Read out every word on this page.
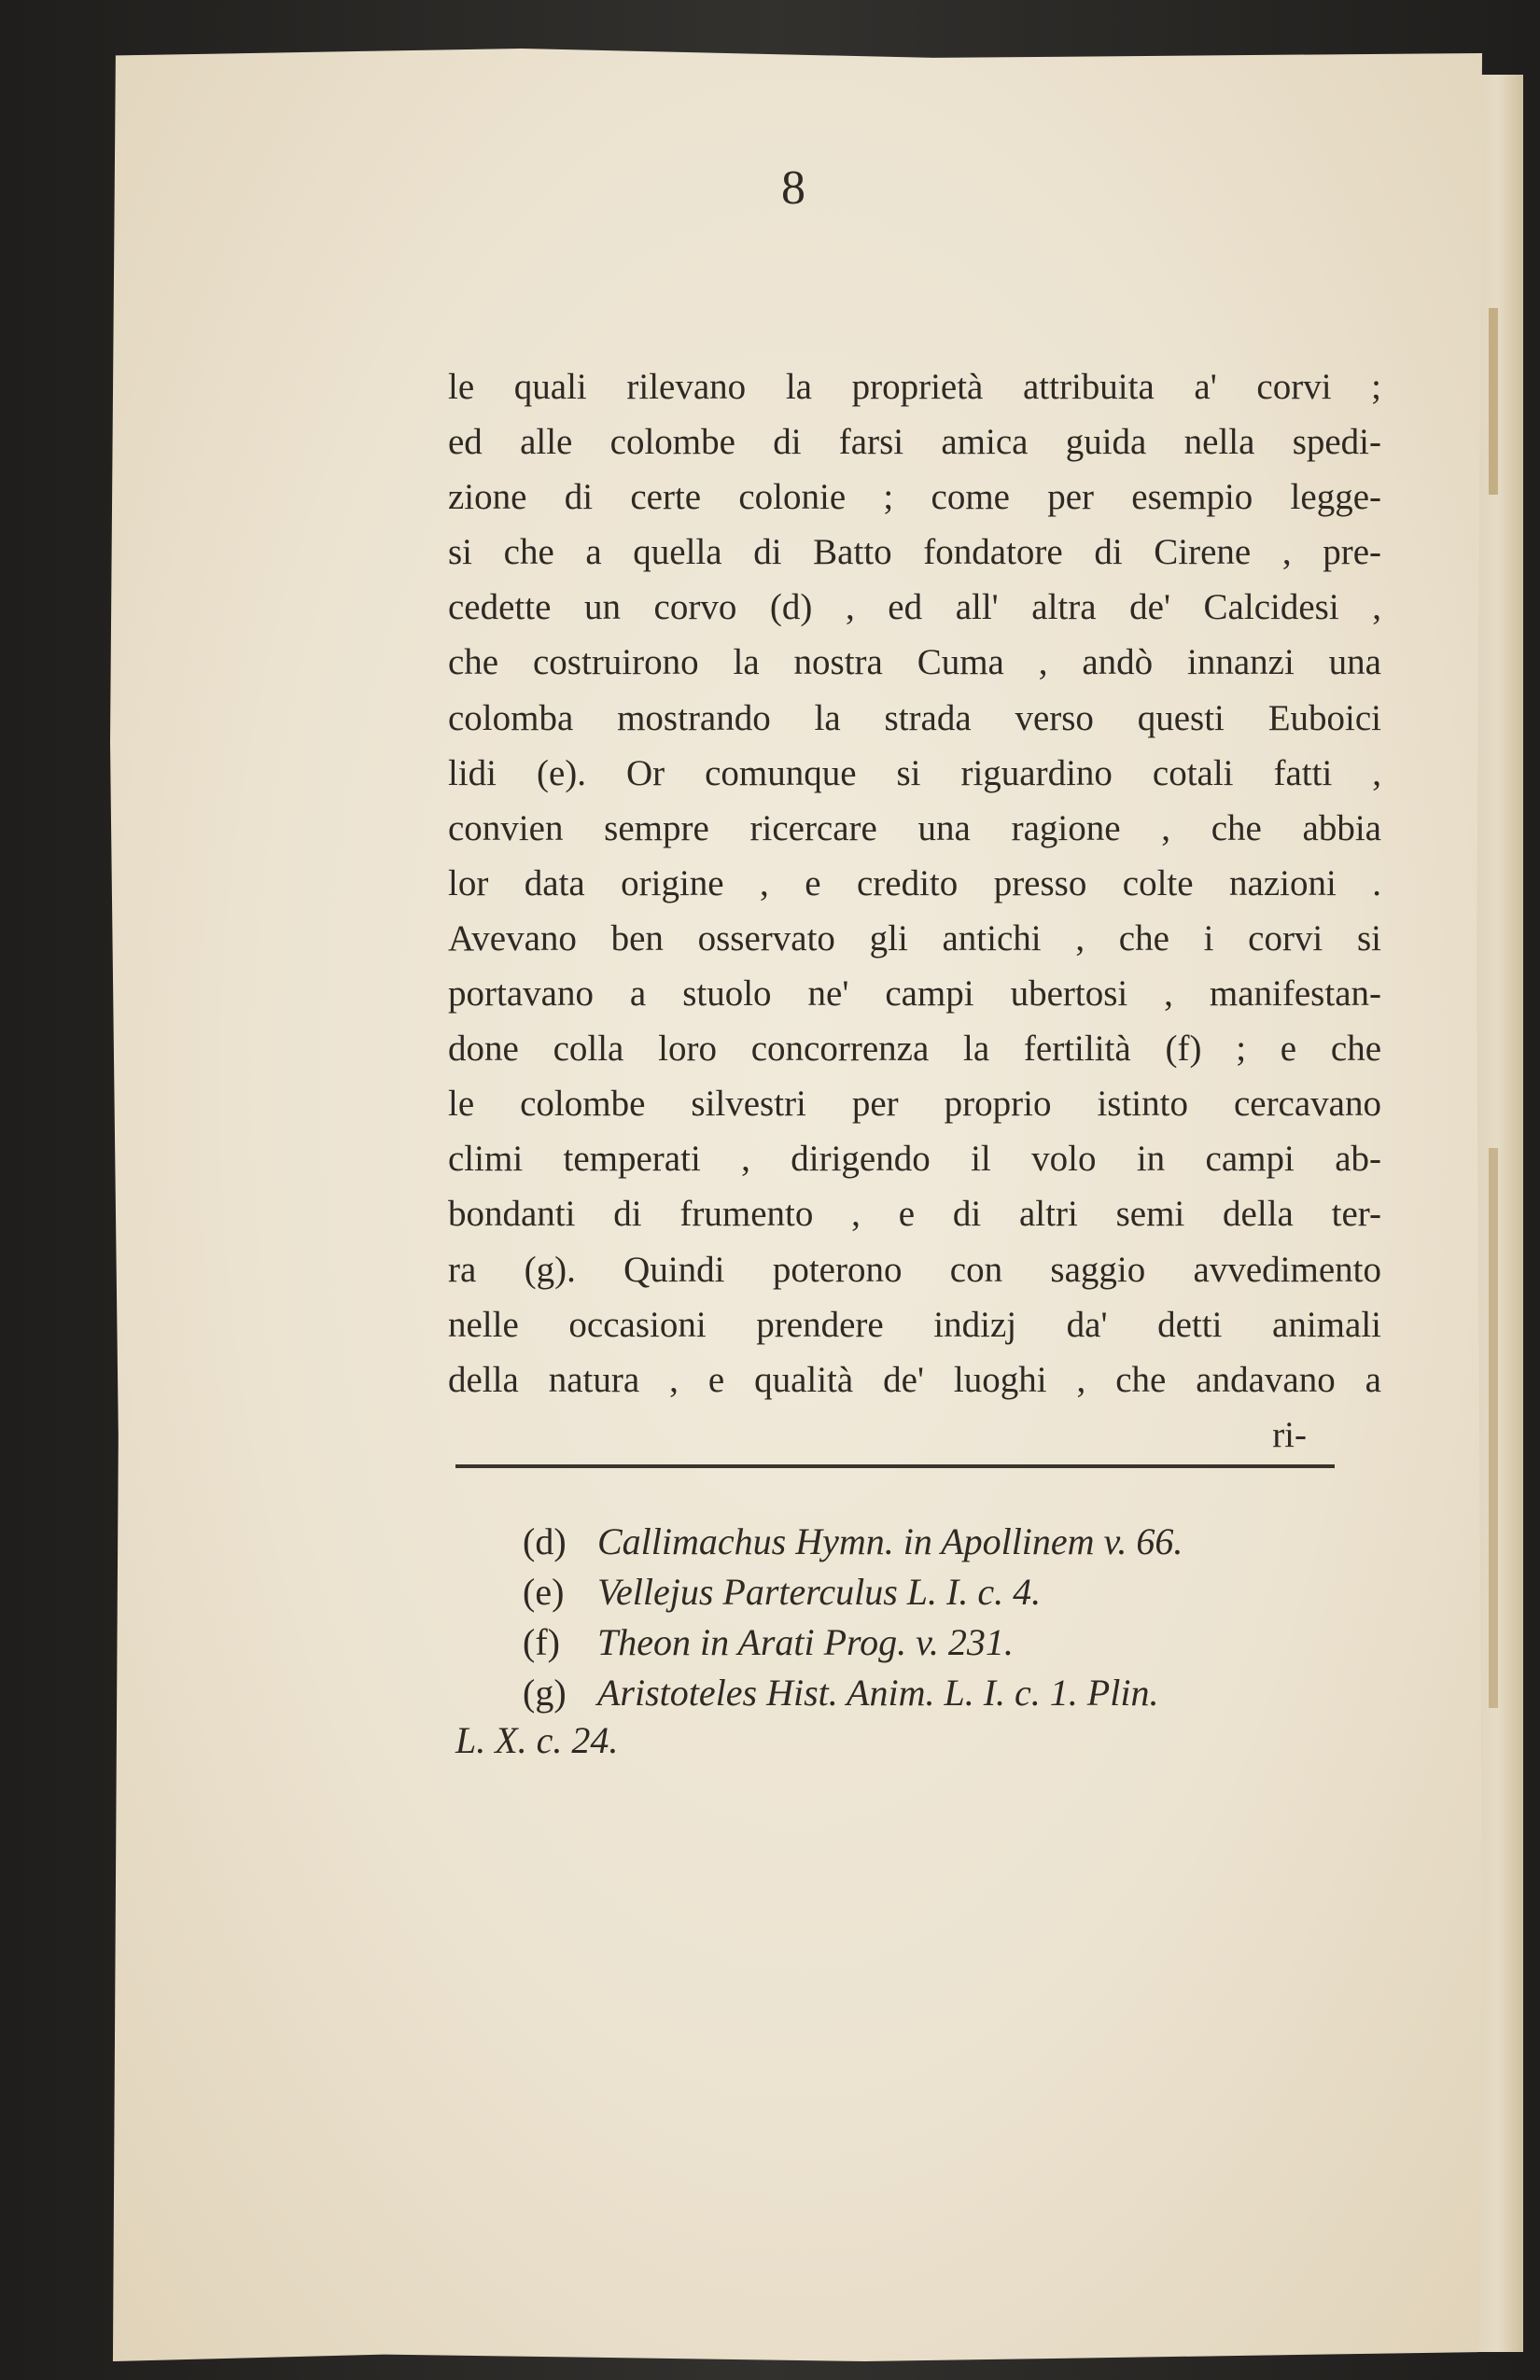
8
le quali rilevano la proprietà attribuita a' corvi ;
ed alle colombe di farsi amica guida nella spedi-
zione di certe colonie ; come per esempio legge-
si che a quella di Batto fondatore di Cirene , pre-
cedette un corvo (d) , ed all' altra de' Calcidesi ,
che costruirono la nostra Cuma , andò innanzi una
colomba mostrando la strada verso questi Euboici
lidi (e). Or comunque si riguardino cotali fatti ,
convien sempre ricercare una ragione , che abbia
lor data origine , e credito presso colte nazioni .
Avevano ben osservato gli antichi , che i corvi si
portavano a stuolo ne' campi ubertosi , manifestan-
done colla loro concorrenza la fertilità (f) ; e che
le colombe silvestri per proprio istinto cercavano
climi temperati , dirigendo il volo in campi ab-
bondanti di frumento , e di altri semi della ter-
ra (g). Quindi poterono con saggio avvedimento
nelle occasioni prendere indizj da' detti animali
della natura , e qualità de' luoghi , che andavano a
ri-
(d) Callimachus Hymn. in Apollinem v. 66.
(e) Vellejus Parterculus L. I. c. 4.
(f) Theon in Arati Prog. v. 231.
(g) Aristoteles Hist. Anim. L. I. c. 1. Plin.
L. X. c. 24.
